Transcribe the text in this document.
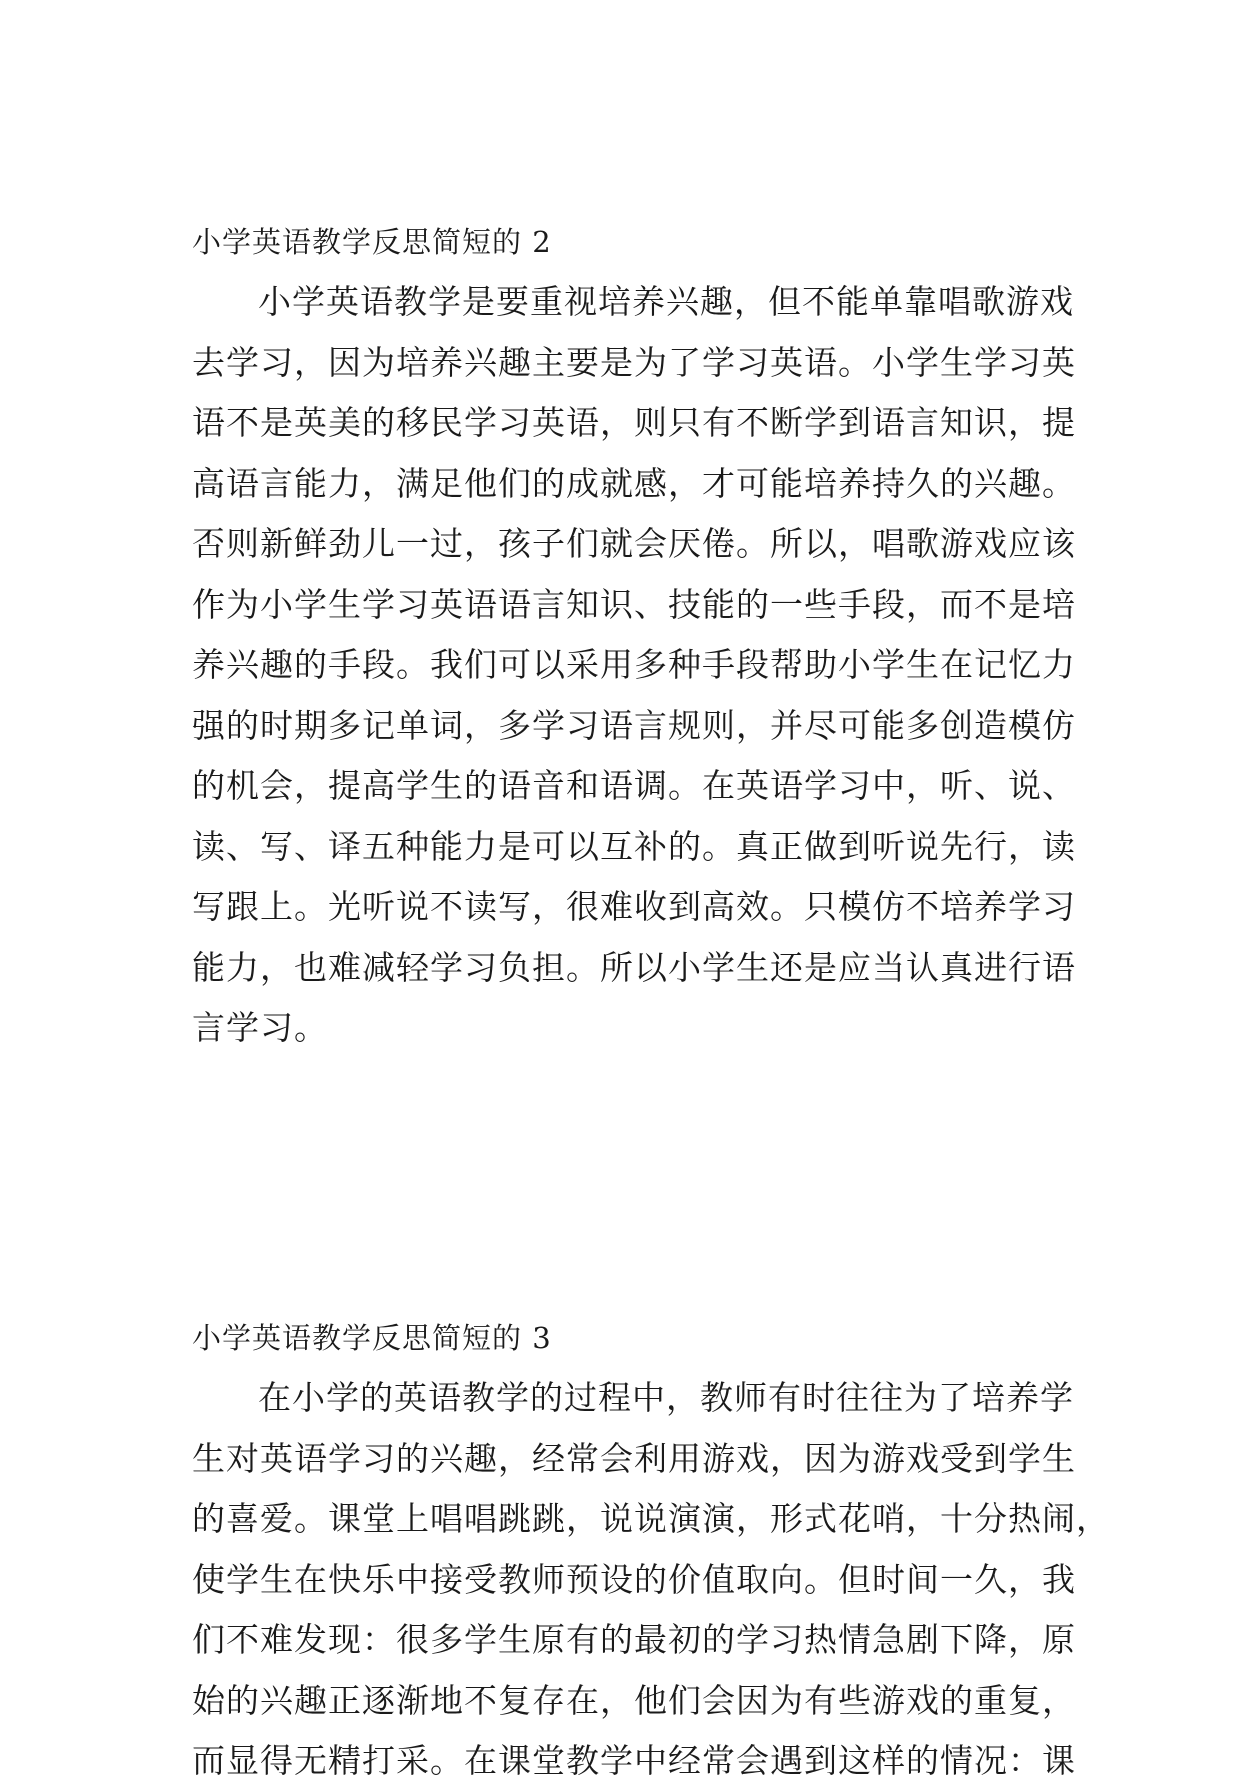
小学英语教学反思简短的 2

小学英语教学是要重视培养兴趣，但不能单靠唱歌游戏

去学习，因为培养兴趣主要是为了学习英语。小学生学习英

语不是英美的移民学习英语，则只有不断学到语言知识，提

高语言能力，满足他们的成就感，才可能培养持久的兴趣。

否则新鲜劲儿一过，孩子们就会厌倦。所以，唱歌游戏应该

作为小学生学习英语语言知识、技能的一些手段，而不是培

养兴趣的手段。我们可以采用多种手段帮助小学生在记忆力

强的时期多记单词，多学习语言规则，并尽可能多创造模仿

的机会，提高学生的语音和语调。在英语学习中，听、说、

读、写、译五种能力是可以互补的。真正做到听说先行，读

写跟上。光听说不读写，很难收到高效。只模仿不培养学习

能力，也难减轻学习负担。所以小学生还是应当认真进行语

言学习。

小学英语教学反思简短的 3

在小学的英语教学的过程中，教师有时往往为了培养学

生对英语学习的兴趣，经常会利用游戏，因为游戏受到学生

的喜爱。课堂上唱唱跳跳，说说演演，形式花哨，十分热闹，

使学生在快乐中接受教师预设的价值取向。但时间一久，我

们不难发现：很多学生原有的最初的学习热情急剧下降，原

始的兴趣正逐渐地不复存在，他们会因为有些游戏的重复，

而显得无精打采。在课堂教学中经常会遇到这样的情况：课
